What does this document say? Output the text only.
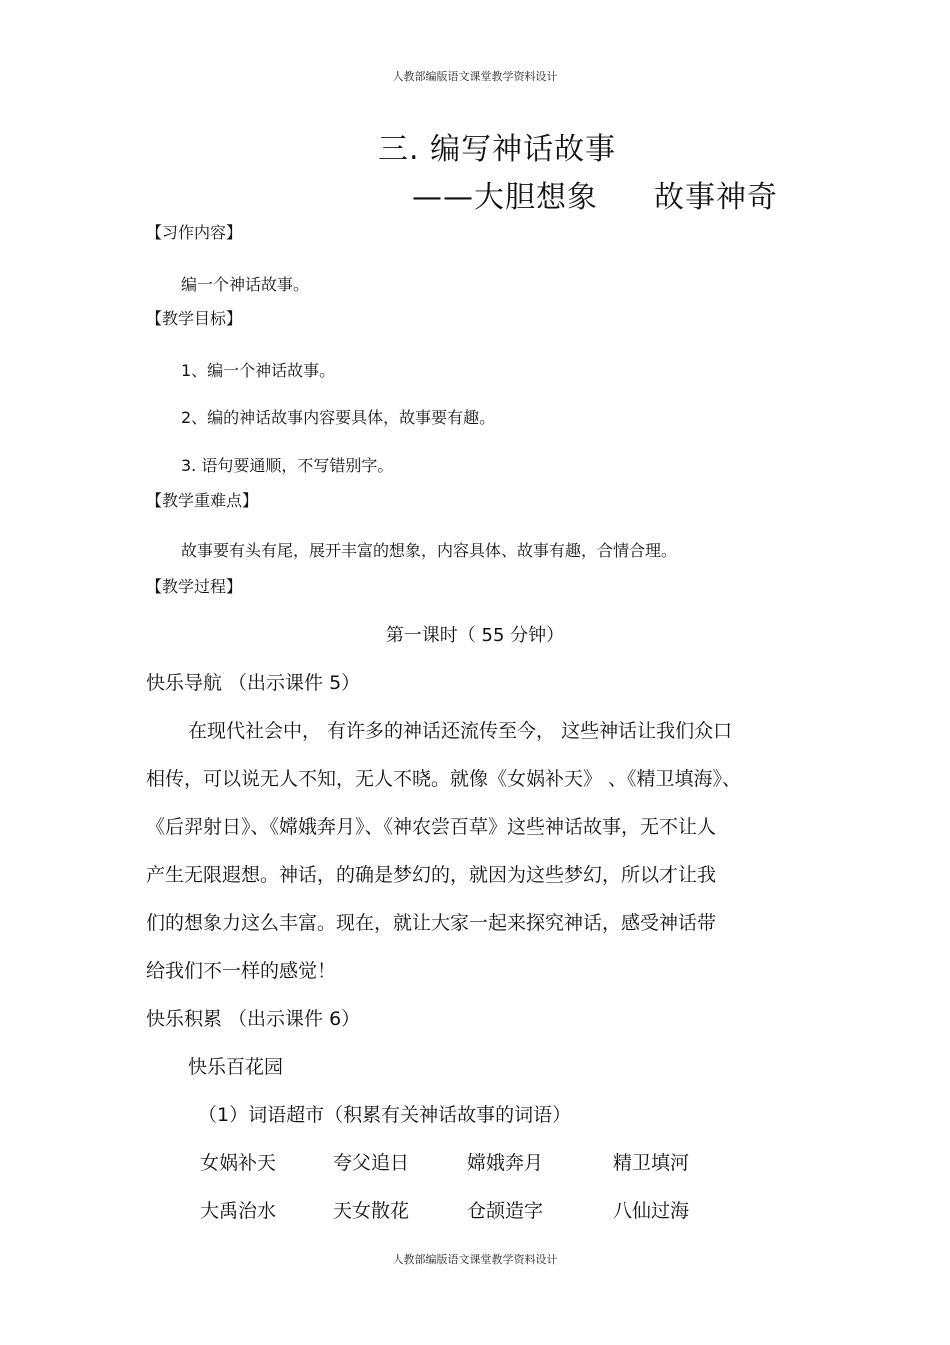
人教部编版语文课堂教学资料设计
三. 编写神话故事
——大胆想象 故事神奇
【习作内容】
编一个神话故事。
【教学目标】
1、编一个神话故事。
2、编的神话故事内容要具体，故事要有趣。
3. 语句要通顺，不写错别字。
【教学重难点】
故事要有头有尾，展开丰富的想象，内容具体、故事有趣，合情合理。
【教学过程】
第一课时（ 55 分钟）
快乐导航 （出示课件 5）
在现代社会中， 有许多的神话还流传至今， 这些神话让我们众口
相传，可以说无人不知，无人不晓。就像《女娲补天》 、《精卫填海》、
《后羿射日》、《嫦娥奔月》、《神农尝百草》这些神话故事，无不让人
产生无限遐想。神话，的确是梦幻的，就因为这些梦幻，所以才让我
们的想象力这么丰富。现在，就让大家一起来探究神话，感受神话带
给我们不一样的感觉！
快乐积累 （出示课件 6）
快乐百花园
（1）词语超市（积累有关神话故事的词语）
女娲补天	夸父追日	嫦娥奔月	精卫填河
大禹治水	天女散花	仓颉造字	八仙过海
人教部编版语文课堂教学资料设计
